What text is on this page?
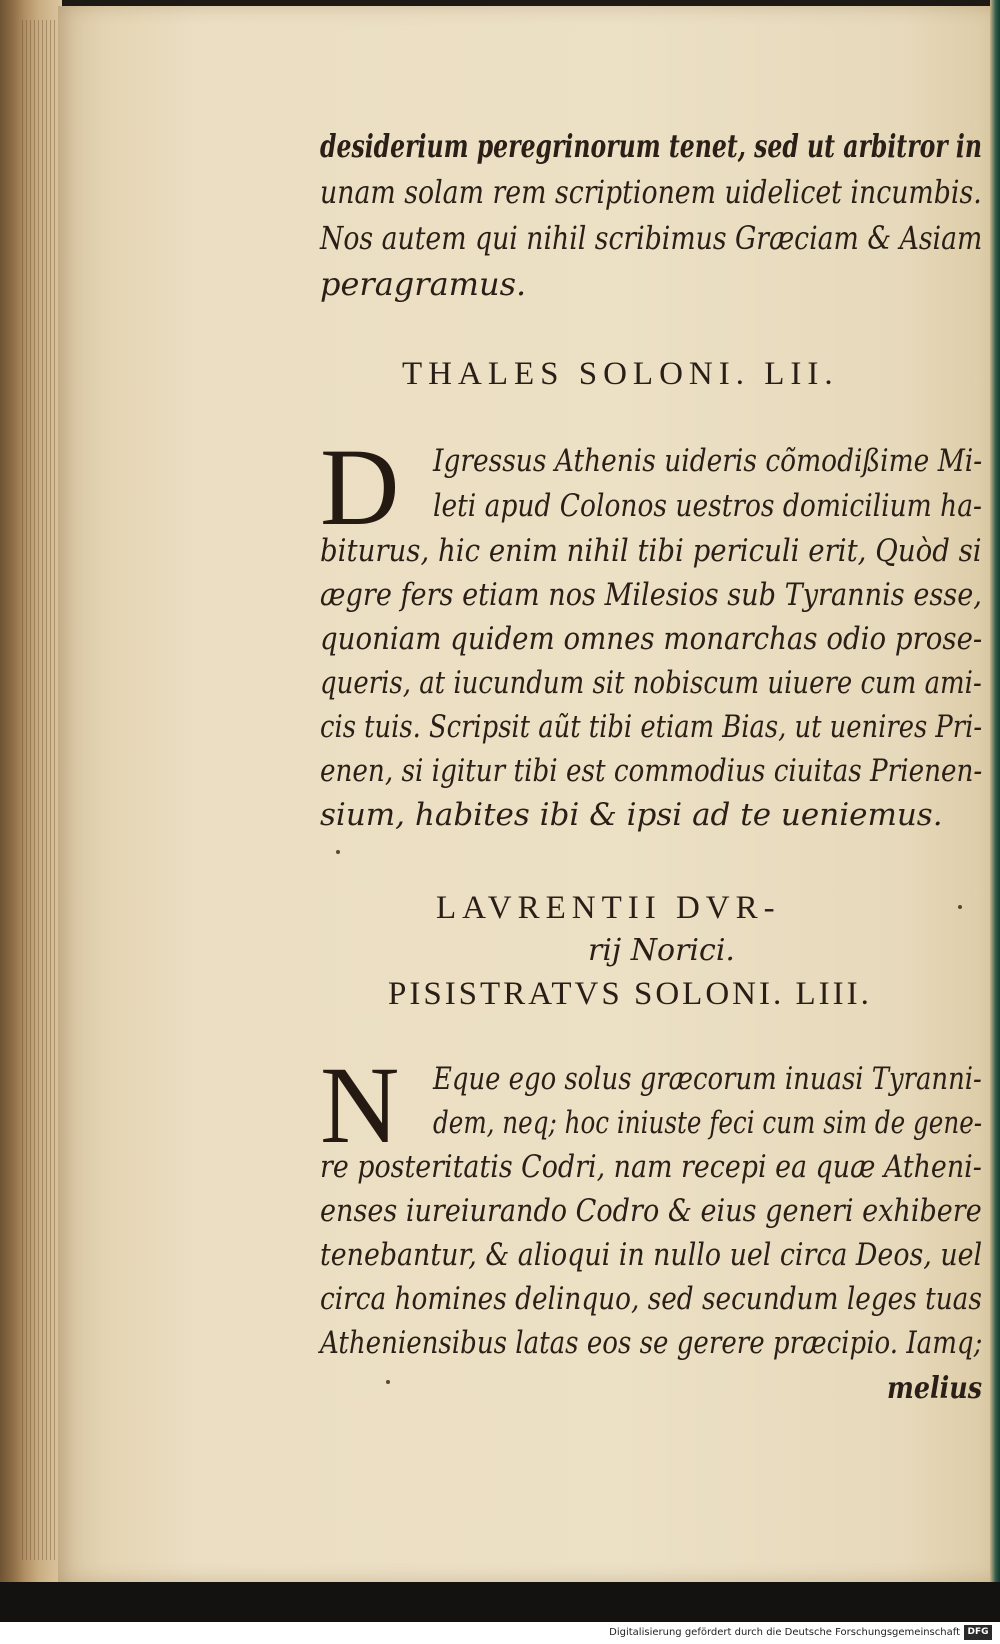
desiderium peregrinorum tenet, sed ut arbitror in
unam solam rem scriptionem uidelicet incumbis.
Nos autem qui nihil scribimus Græciam & Asiam
peragramus.
THALES SOLONI. LII.
D Igressus Athenis uideris cõmodißime Mi-
leti apud Colonos uestros domicilium ha-
biturus, hic enim nihil tibi periculi erit, Quòd si
ægre fers etiam nos Milesios sub Tyrannis esse,
quoniam quidem omnes monarchas odio prose-
queris, at iucundum sit nobiscum uiuere cum ami-
cis tuis. Scripsit aũt tibi etiam Bias, ut uenires Pri-
enen, si igitur tibi est commodius ciuitas Prienen-
sium, habites ibi & ipsi ad te ueniemus.
LAVRENTII DVR-
rij Norici.
PISISTRATVS SOLONI. LIII.
N Eque ego solus græcorum inuasi Tyranni-
dem, neq; hoc iniuste feci cum sim de gene-
re posteritatis Codri, nam recepi ea quæ Atheni-
enses iureiurando Codro & eius generi exhibere
tenebantur, & alioqui in nullo uel circa Deos, uel
circa homines delinquo, sed secundum leges tuas
Atheniensibus latas eos se gerere præcipio. Iamq;
melius
Digitalisierung gefördert durch die Deutsche Forschungsgemeinschaft DFG
